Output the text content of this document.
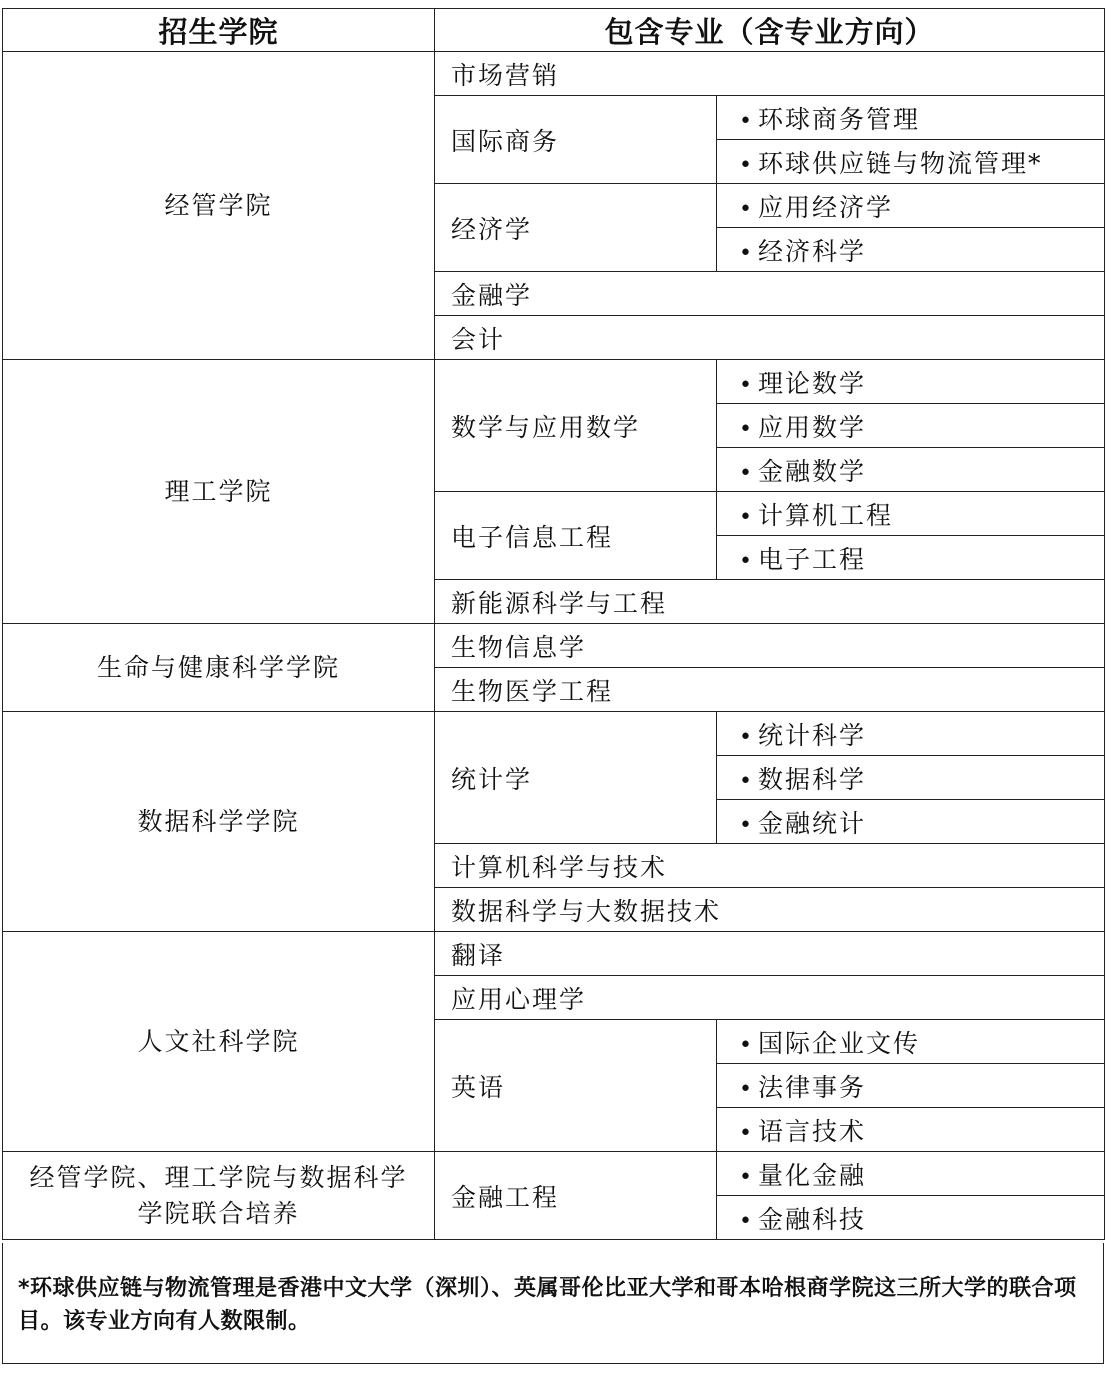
招生学院	包含专业（含专业方向）	
经管学院	市场营销	
	国际商务	• 环球商务管理
		• 环球供应链与物流管理*
	经济学	• 应用经济学
		• 经济科学
	金融学	
	会计	
理工学院	数学与应用数学	• 理论数学
		• 应用数学
		• 金融数学
	电子信息工程	• 计算机工程
		• 电子工程
	新能源科学与工程	
生命与健康科学学院	生物信息学	
	生物医学工程	
数据科学学院	统计学	• 统计科学
		• 数据科学
		• 金融统计
	计算机科学与技术	
	数据科学与大数据技术	
人文社科学院	翻译	
	应用心理学	
	英语	• 国际企业文传
		• 法律事务
		• 语言技术
经管学院、理工学院与数据科学学院联合培养	金融工程	• 量化金融
		• 金融科技
*环球供应链与物流管理是香港中文大学（深圳）、英属哥伦比亚大学和哥本哈根商学院这三所大学的联合项目。该专业方向有人数限制。
